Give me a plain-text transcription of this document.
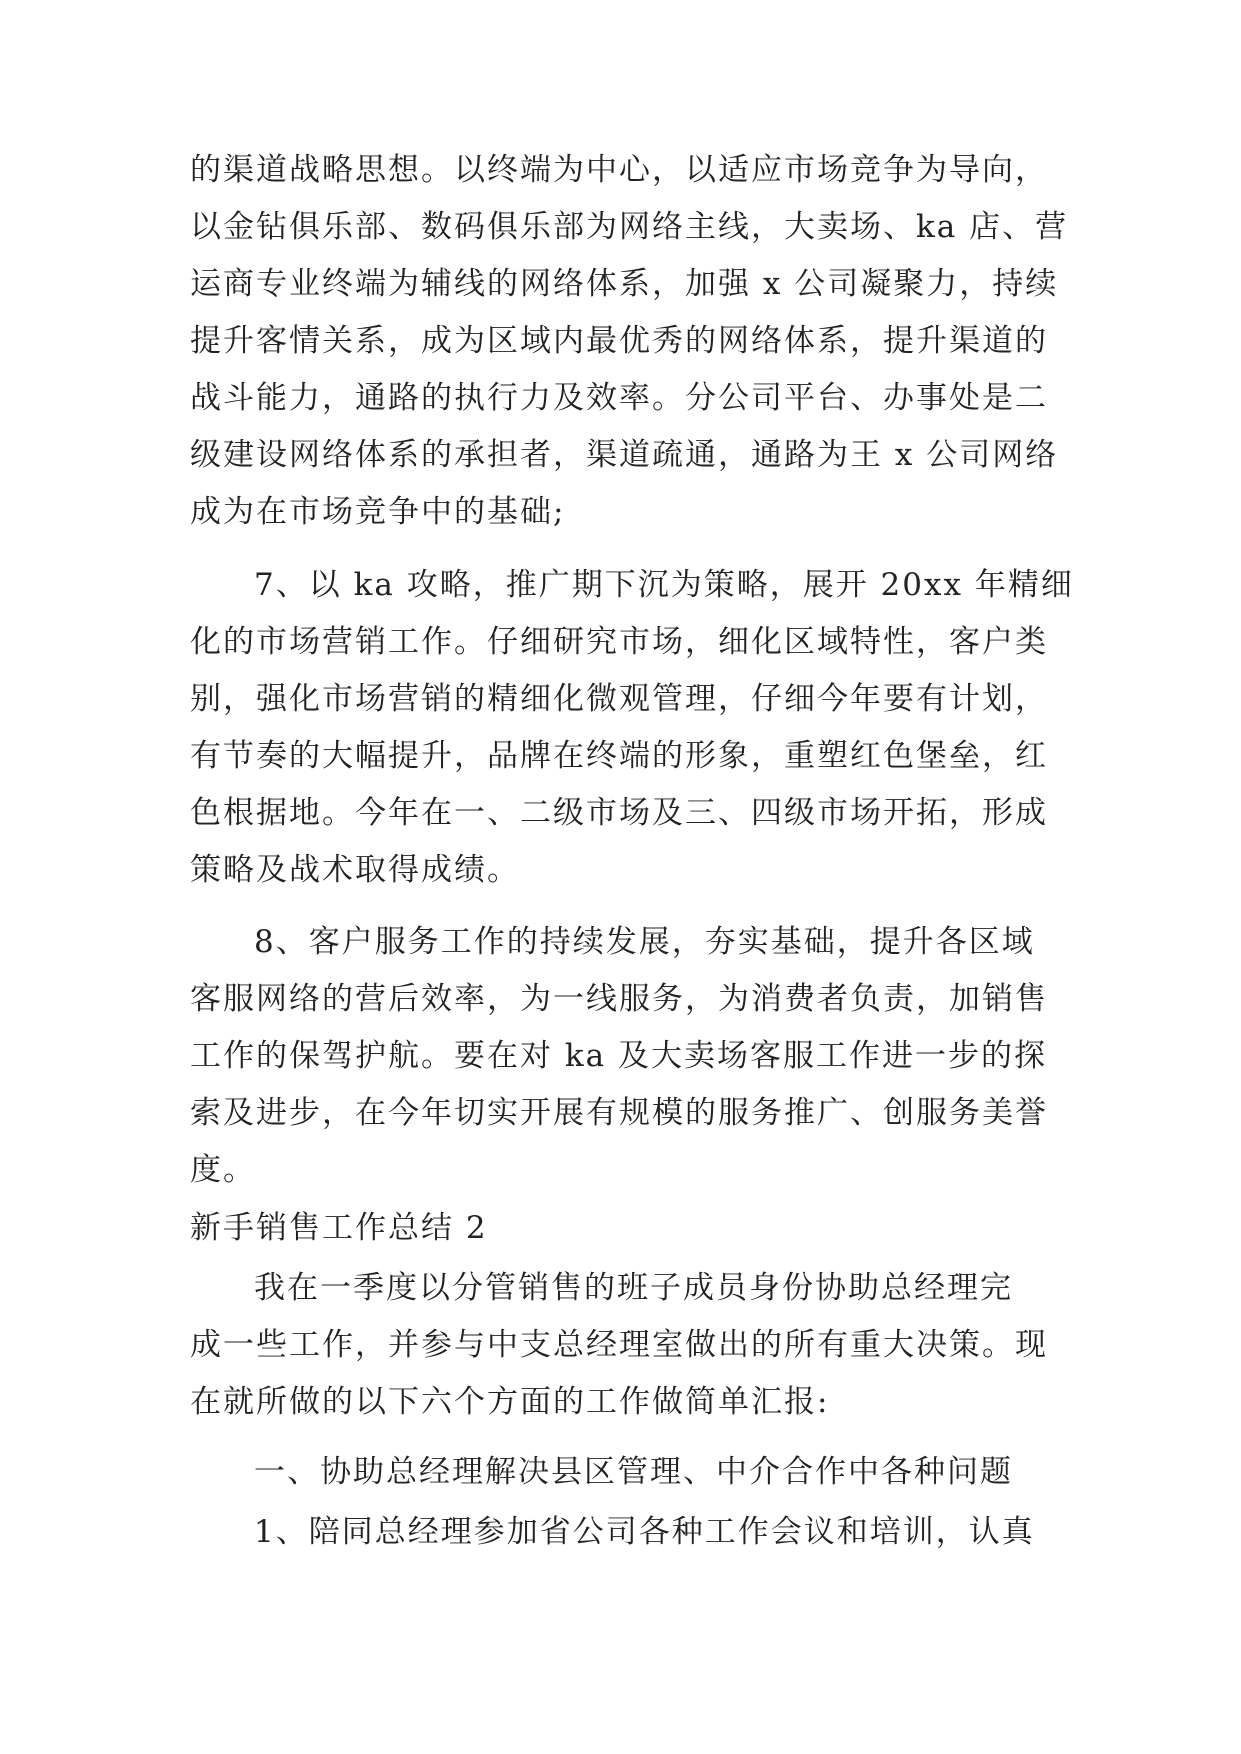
的渠道战略思想。以终端为中心，以适应市场竞争为导向，
以金钻俱乐部、数码俱乐部为网络主线，大卖场、ka 店、营
运商专业终端为辅线的网络体系，加强 x 公司凝聚力，持续
提升客情关系，成为区域内最优秀的网络体系，提升渠道的
战斗能力，通路的执行力及效率。分公司平台、办事处是二
级建设网络体系的承担者，渠道疏通，通路为王 x 公司网络
成为在市场竞争中的基础;
7、以 ka 攻略，推广期下沉为策略，展开 20xx 年精细
化的市场营销工作。仔细研究市场，细化区域特性，客户类
别，强化市场营销的精细化微观管理，仔细今年要有计划，
有节奏的大幅提升，品牌在终端的形象，重塑红色堡垒，红
色根据地。今年在一、二级市场及三、四级市场开拓，形成
策略及战术取得成绩。
8、客户服务工作的持续发展，夯实基础，提升各区域
客服网络的营后效率，为一线服务，为消费者负责，加销售
工作的保驾护航。要在对 ka 及大卖场客服工作进一步的探
索及进步，在今年切实开展有规模的服务推广、创服务美誉
度。
新手销售工作总结 2
我在一季度以分管销售的班子成员身份协助总经理完
成一些工作，并参与中支总经理室做出的所有重大决策。现
在就所做的以下六个方面的工作做简单汇报:
一、协助总经理解决县区管理、中介合作中各种问题
1、陪同总经理参加省公司各种工作会议和培训，认真
